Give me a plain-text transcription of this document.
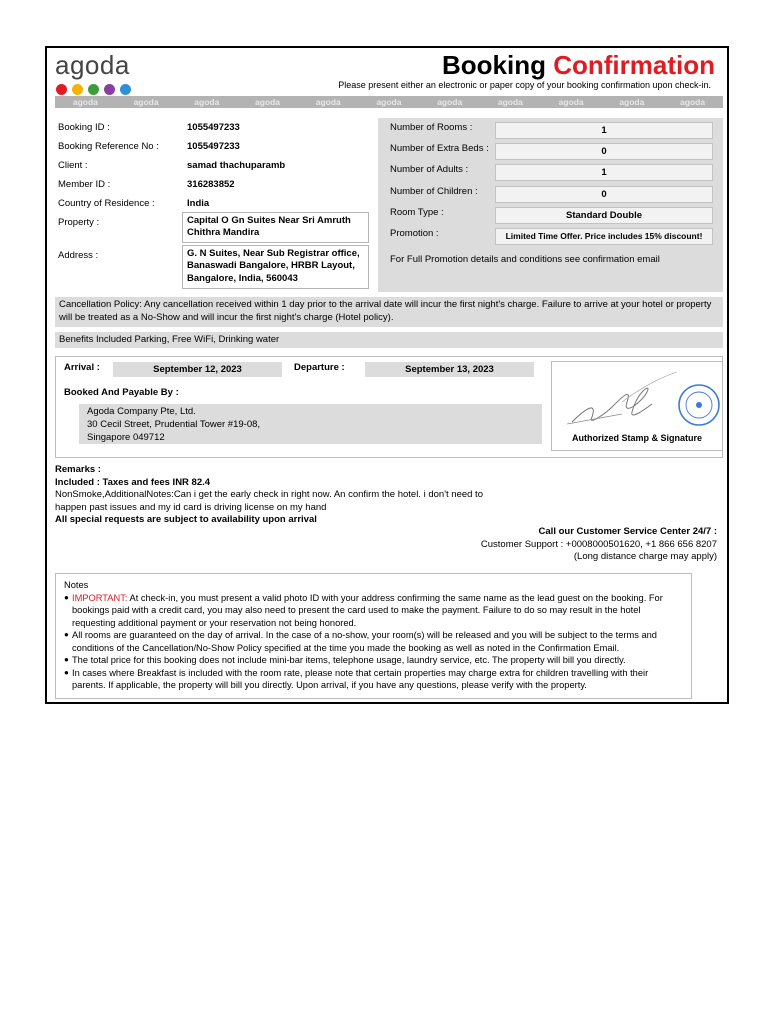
agoda	Booking Confirmation
Please present either an electronic or paper copy of your booking confirmation upon check-in.
agoda	agoda	agoda	agoda	agoda	agoda	agoda	agoda	agoda	agoda	agoda
Booking ID :	1055497233
Booking Reference No :	1055497233
Client :	samad thachuparamb
Member ID :	316283852
Country of Residence :	India
Property :	Capital O Gn Suites Near Sri Amruth Chithra Mandira
Address :	G. N Suites, Near Sub Registrar office, Banaswadi Bangalore, HRBR Layout, Bangalore, India, 560043
Number of Rooms :	1
Number of Extra Beds :	0
Number of Adults :	1
Number of Children :	0
Room Type :	Standard Double
Promotion :	Limited Time Offer. Price includes 15% discount!
For Full Promotion details and conditions see confirmation email
Cancellation Policy: Any cancellation received within 1 day prior to the arrival date will incur the first night's charge. Failure to arrive at your hotel or property will be treated as a No-Show and will incur the first night's charge (Hotel policy).
Benefits Included Parking, Free WiFi, Drinking water
Arrival :	September 12, 2023	Departure :	September 13, 2023
Booked And Payable By :
Agoda Company Pte, Ltd.
30 Cecil Street, Prudential Tower #19-08,
Singapore 049712	Authorized Stamp & Signature
Remarks :
Included : Taxes and fees INR 82.4
NonSmoke,AdditionalNotes:Can i get the early check in right now. An confirm the hotel. i don't need to
happen past issues and my id card is driving license on my hand
All special requests are subject to availability upon arrival
Call our Customer Service Center 24/7 :
Customer Support : +0008000501620, +1 866 656 8207
(Long distance charge may apply)
Notes
● IMPORTANT: At check-in, you must present a valid photo ID with your address confirming the same name as the lead guest on the booking. For bookings paid with a credit card, you may also need to present the card used to make the payment. Failure to do so may result in the hotel requesting additional payment or your reservation not being honored.
● All rooms are guaranteed on the day of arrival. In the case of a no-show, your room(s) will be released and you will be subject to the terms and conditions of the Cancellation/No-Show Policy specified at the time you made the booking as well as noted in the Confirmation Email.
● The total price for this booking does not include mini-bar items, telephone usage, laundry service, etc. The property will bill you directly.
● In cases where Breakfast is included with the room rate, please note that certain properties may charge extra for children travelling with their parents. If applicable, the property will bill you directly. Upon arrival, if you have any questions, please verify with the property.
